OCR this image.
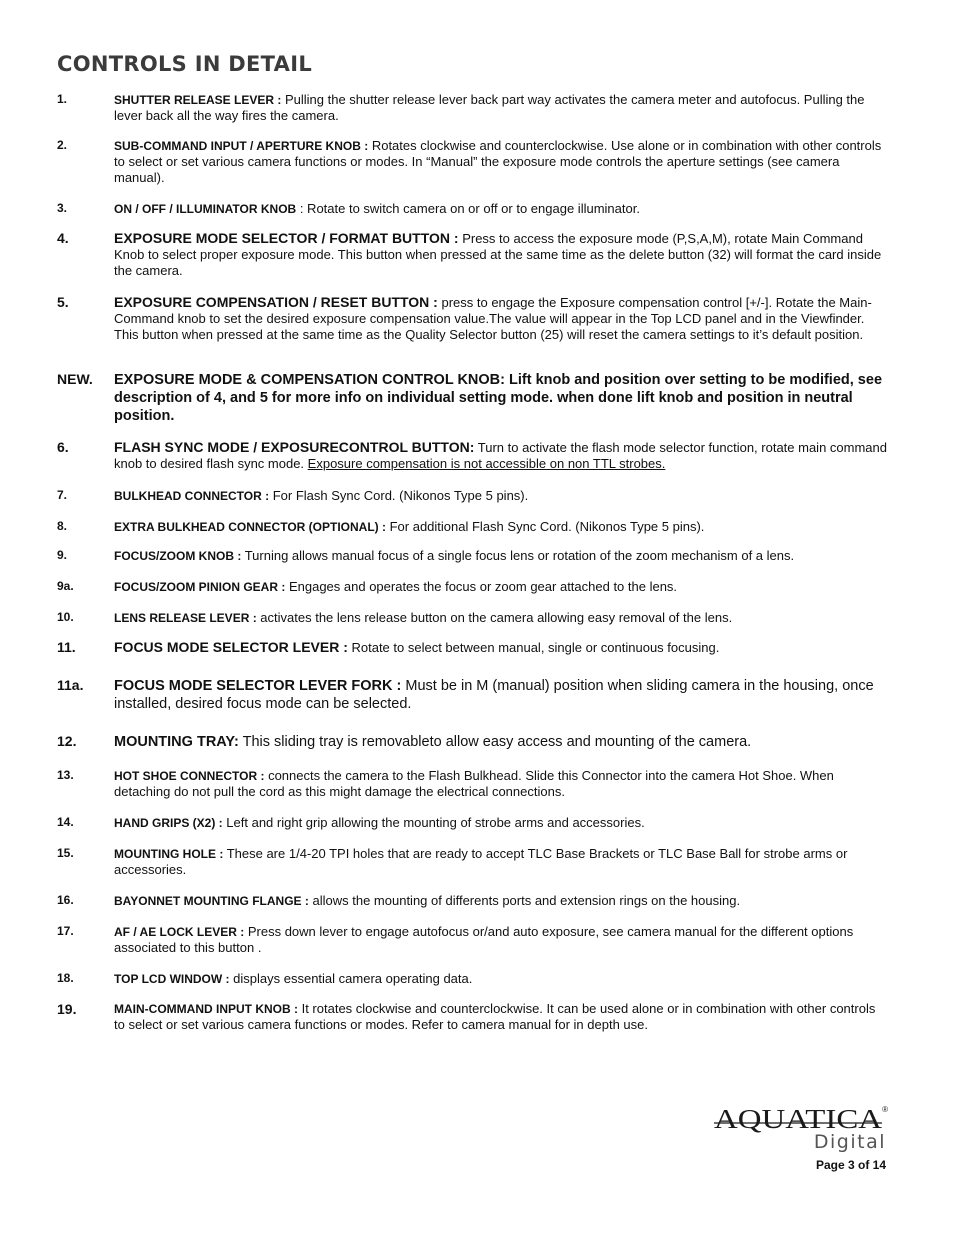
CONTROLS IN DETAIL
1.	SHUTTER RELEASE LEVER : Pulling the shutter release lever back part way activates the camera meter and autofocus. Pulling the lever back all the way fires the camera.
2.	SUB-COMMAND INPUT / APERTURE KNOB : Rotates clockwise and counterclockwise. Use alone or in combination with other controls to select or set various camera functions or modes. In “Manual” the exposure mode controls the aperture settings (see camera manual).
3.	ON / OFF / ILLUMINATOR KNOB : Rotate to switch camera on or off or to engage illuminator.
4.	EXPOSURE MODE SELECTOR / FORMAT BUTTON : Press to access the exposure mode (P,S,A,M), rotate Main Command Knob to select proper exposure mode. This button when pressed at the same time as the delete button (32) will format the card inside the camera.
5.	EXPOSURE COMPENSATION / RESET BUTTON : press to engage the Exposure compensation control [+/-]. Rotate the Main-Command knob to set the desired exposure compensation value.The value will appear in the Top LCD panel and in the Viewfinder. This button when pressed at the same time as the Quality Selector button (25) will reset the camera settings to it’s default position.
NEW. EXPOSURE MODE & COMPENSATION CONTROL KNOB: Lift knob and position over setting to be modified, see description of 4, and 5 for more info on individual setting mode. when done lift knob and position in neutral position.
6.	FLASH SYNC MODE / EXPOSURECONTROL BUTTON: Turn to activate the flash mode selector function, rotate main command knob to desired flash sync mode. Exposure compensation is not accessible on non TTL strobes.
7.	BULKHEAD CONNECTOR : For Flash Sync Cord. (Nikonos Type 5 pins).
8.	EXTRA BULKHEAD CONNECTOR (OPTIONAL) : For additional Flash Sync Cord. (Nikonos Type 5 pins).
9.	FOCUS/ZOOM KNOB : Turning allows manual focus of a single focus lens or rotation of the zoom mechanism of a lens.
9a.	FOCUS/ZOOM PINION GEAR : Engages and operates the focus or zoom gear attached to the lens.
10.	LENS RELEASE LEVER : activates the lens release button on the camera allowing easy removal of the lens.
11.	FOCUS MODE SELECTOR LEVER : Rotate to select between manual, single or continuous focusing.
11a. FOCUS MODE SELECTOR LEVER FORK : Must be in M (manual) position when sliding camera in the housing, once installed, desired focus mode can be selected.
12.	MOUNTING TRAY: This sliding tray is removableto allow easy access and mounting of the camera.
13.	HOT SHOE CONNECTOR : connects the camera to the Flash Bulkhead. Slide this Connector into the camera Hot Shoe. When detaching do not pull the cord as this might damage the electrical connections.
14.	HAND GRIPS (X2) : Left and right grip allowing the mounting of strobe arms and accessories.
15.	MOUNTING HOLE : These are 1/4-20 TPI holes that are ready to accept TLC Base Brackets or TLC Base Ball for strobe arms or accessories.
16.	BAYONNET MOUNTING FLANGE : allows the mounting of differents ports and extension rings on the housing.
17.	AF / AE LOCK LEVER : Press down lever to engage autofocus or/and auto exposure, see camera manual for the different options associated to this button .
18.	TOP LCD WINDOW : displays essential camera operating data.
19.	MAIN-COMMAND INPUT KNOB : It rotates clockwise and counterclockwise. It can be used alone or in combination with other controls to select or set various camera functions or modes. Refer to camera manual for in depth use.
AQUATICA ®
Digital
Page 3 of 14
